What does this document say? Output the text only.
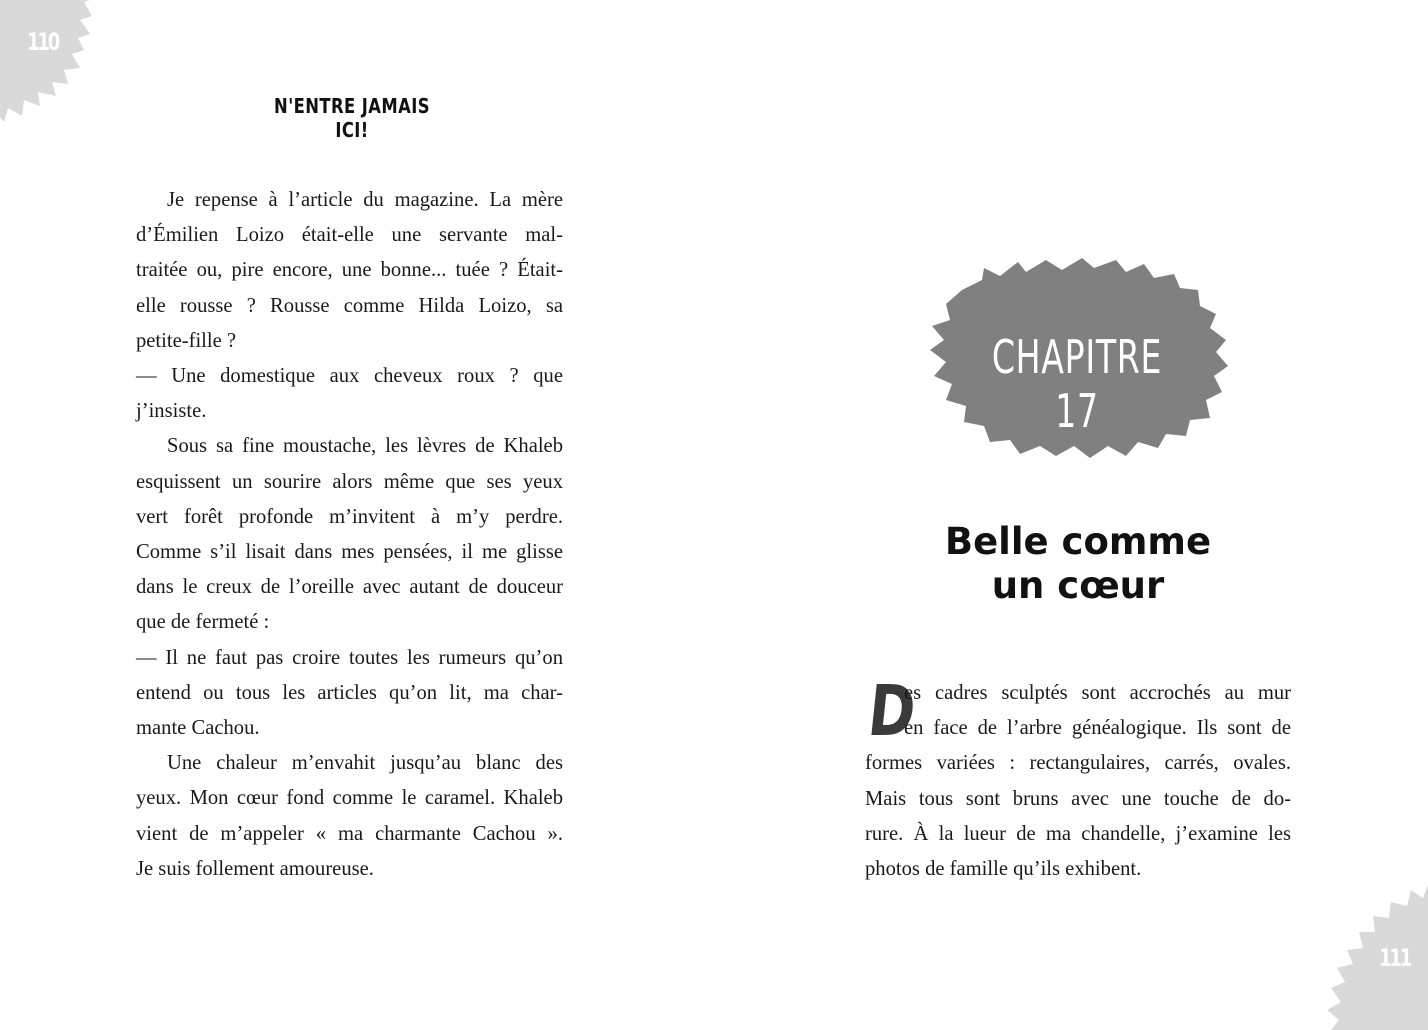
110
N'ENTRE JAMAIS ICI!
Je repense à l’article du magazine. La mère
d’Émilien Loizo était-elle une servante mal-
traitée ou, pire encore, une bonne... tuée ? Était-
elle rousse ? Rousse comme Hilda Loizo, sa
petite-fille ?
— Une domestique aux cheveux roux ? que
j’insiste.
Sous sa fine moustache, les lèvres de Khaleb
esquissent un sourire alors même que ses yeux
vert forêt profonde m’invitent à m’y perdre.
Comme s’il lisait dans mes pensées, il me glisse
dans le creux de l’oreille avec autant de douceur
que de fermeté :
— Il ne faut pas croire toutes les rumeurs qu’on
entend ou tous les articles qu’on lit, ma char-
mante Cachou.
Une chaleur m’envahit jusqu’au blanc des
yeux. Mon cœur fond comme le caramel. Khaleb
vient de m’appeler « ma charmante Cachou ».
Je suis follement amoureuse.
CHAPITRE 17
Belle comme
un cœur
D
es cadres sculptés sont accrochés au mur
en face de l’arbre généalogique. Ils sont de
formes variées : rectangulaires, carrés, ovales.
Mais tous sont bruns avec une touche de do-
rure. À la lueur de ma chandelle, j’examine les
photos de famille qu’ils exhibent.
111
